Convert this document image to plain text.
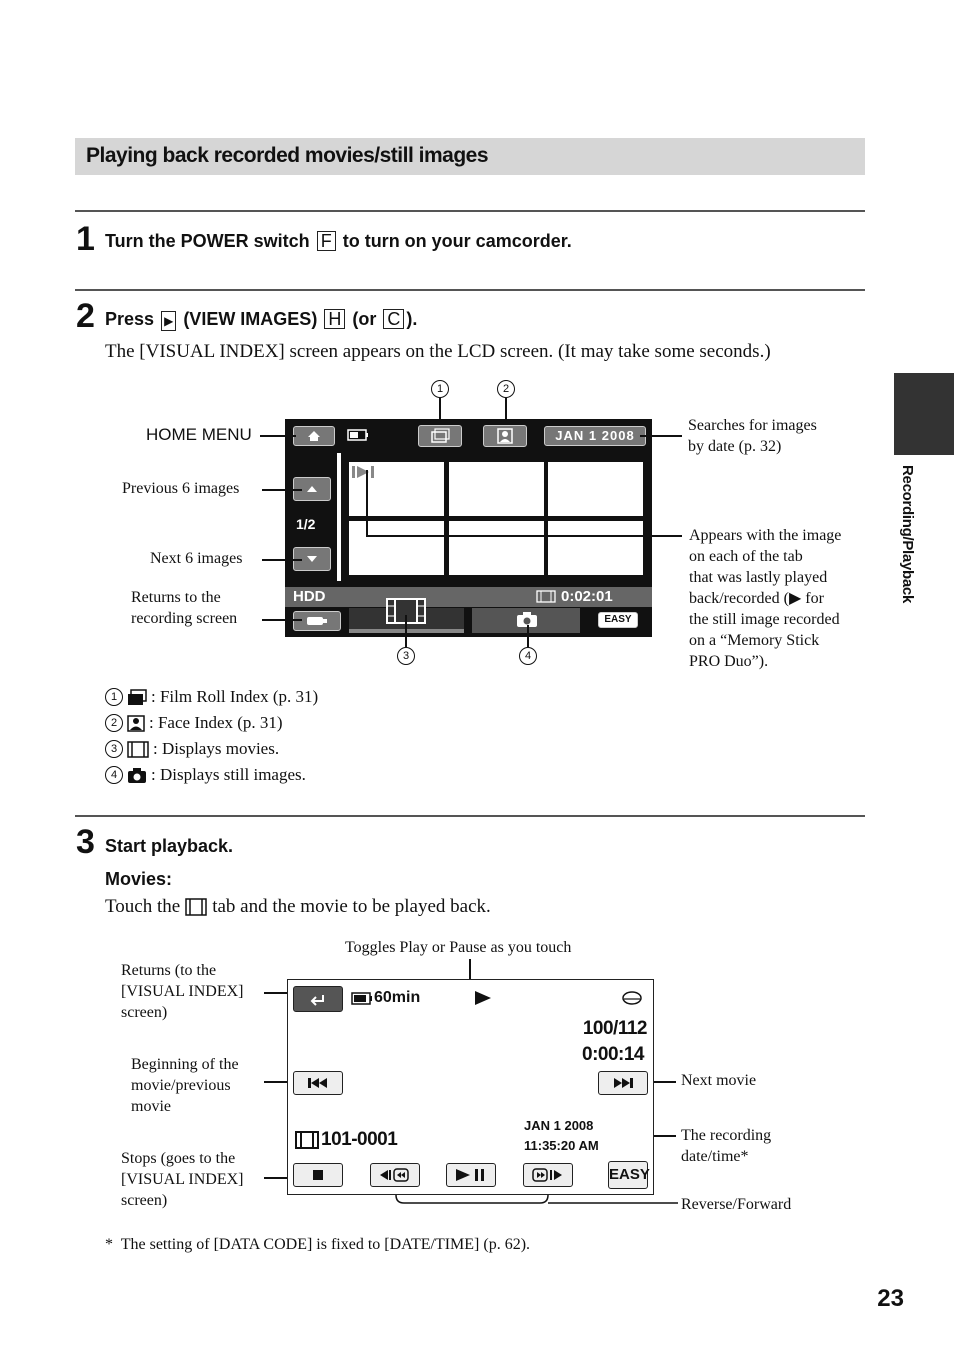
Playing back recorded movies/still images
1 Turn the POWER switch F to turn on your camcorder.
2 Press ▶ (VIEW IMAGES) H (or C ).
The [VISUAL INDEX] screen appears on the LCD screen. (It may take some seconds.)
1	2
JAN 1 2008
1/2
HDD	0:02:01
EASY
3	4
HOME MENU
Previous 6 images
Next 6 images
Returns to the
recording screen
Searches for images
by date (p. 32)
Appears with the image
on each of the tab
that was lastly played
back/recorded (▶ for
the still image recorded
on a “Memory Stick
PRO Duo”).
1	: Film Roll Index (p. 31)
2	: Face Index (p. 31)
3	: Displays movies.
4	: Displays still images.
3 Start playback.
Movies:
Touch the tab and the movie to be played back.
Toggles Play or Pause as you touch
Returns (to the
[VISUAL INDEX]
screen)
Beginning of the
movie/previous
movie
Stops (goes to the
[VISUAL INDEX]
screen)
Next movie
The recording
date/time*
Reverse/Forward
60min
100/112
0:00:14
101-0001
JAN 1 2008
11:35:20 AM
EASY
*  The setting of [DATA CODE] is fixed to [DATE/TIME] (p. 62).
Recording/Playback
23
